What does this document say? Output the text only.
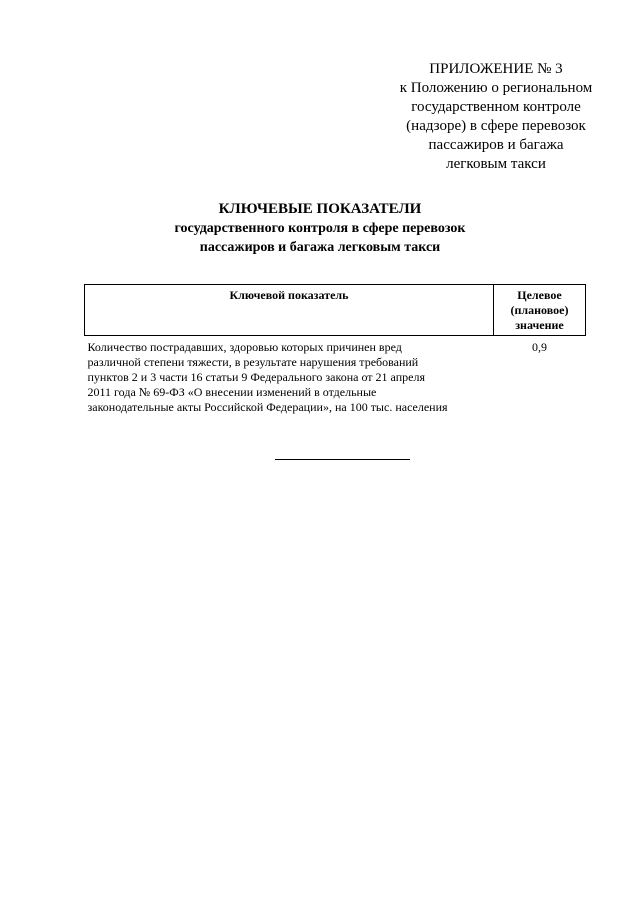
ПРИЛОЖЕНИЕ № 3
к Положению о региональном
государственном контроле
(надзоре) в сфере перевозок
пассажиров и багажа
легковым такси
КЛЮЧЕВЫЕ ПОКАЗАТЕЛИ
государственного контроля в сфере перевозок
пассажиров и багажа легковым такси
Ключевой показатель	Целевое
(плановое)
значение

Количество пострадавших, здоровью которых причинен вред
различной степени тяжести, в результате нарушения требований
пунктов 2 и 3 части 16 статьи 9 Федерального закона от 21 апреля
2011 года № 69-ФЗ «О внесении изменений в отдельные
законодательные акты Российской Федерации», на 100 тыс. населения	0,9
